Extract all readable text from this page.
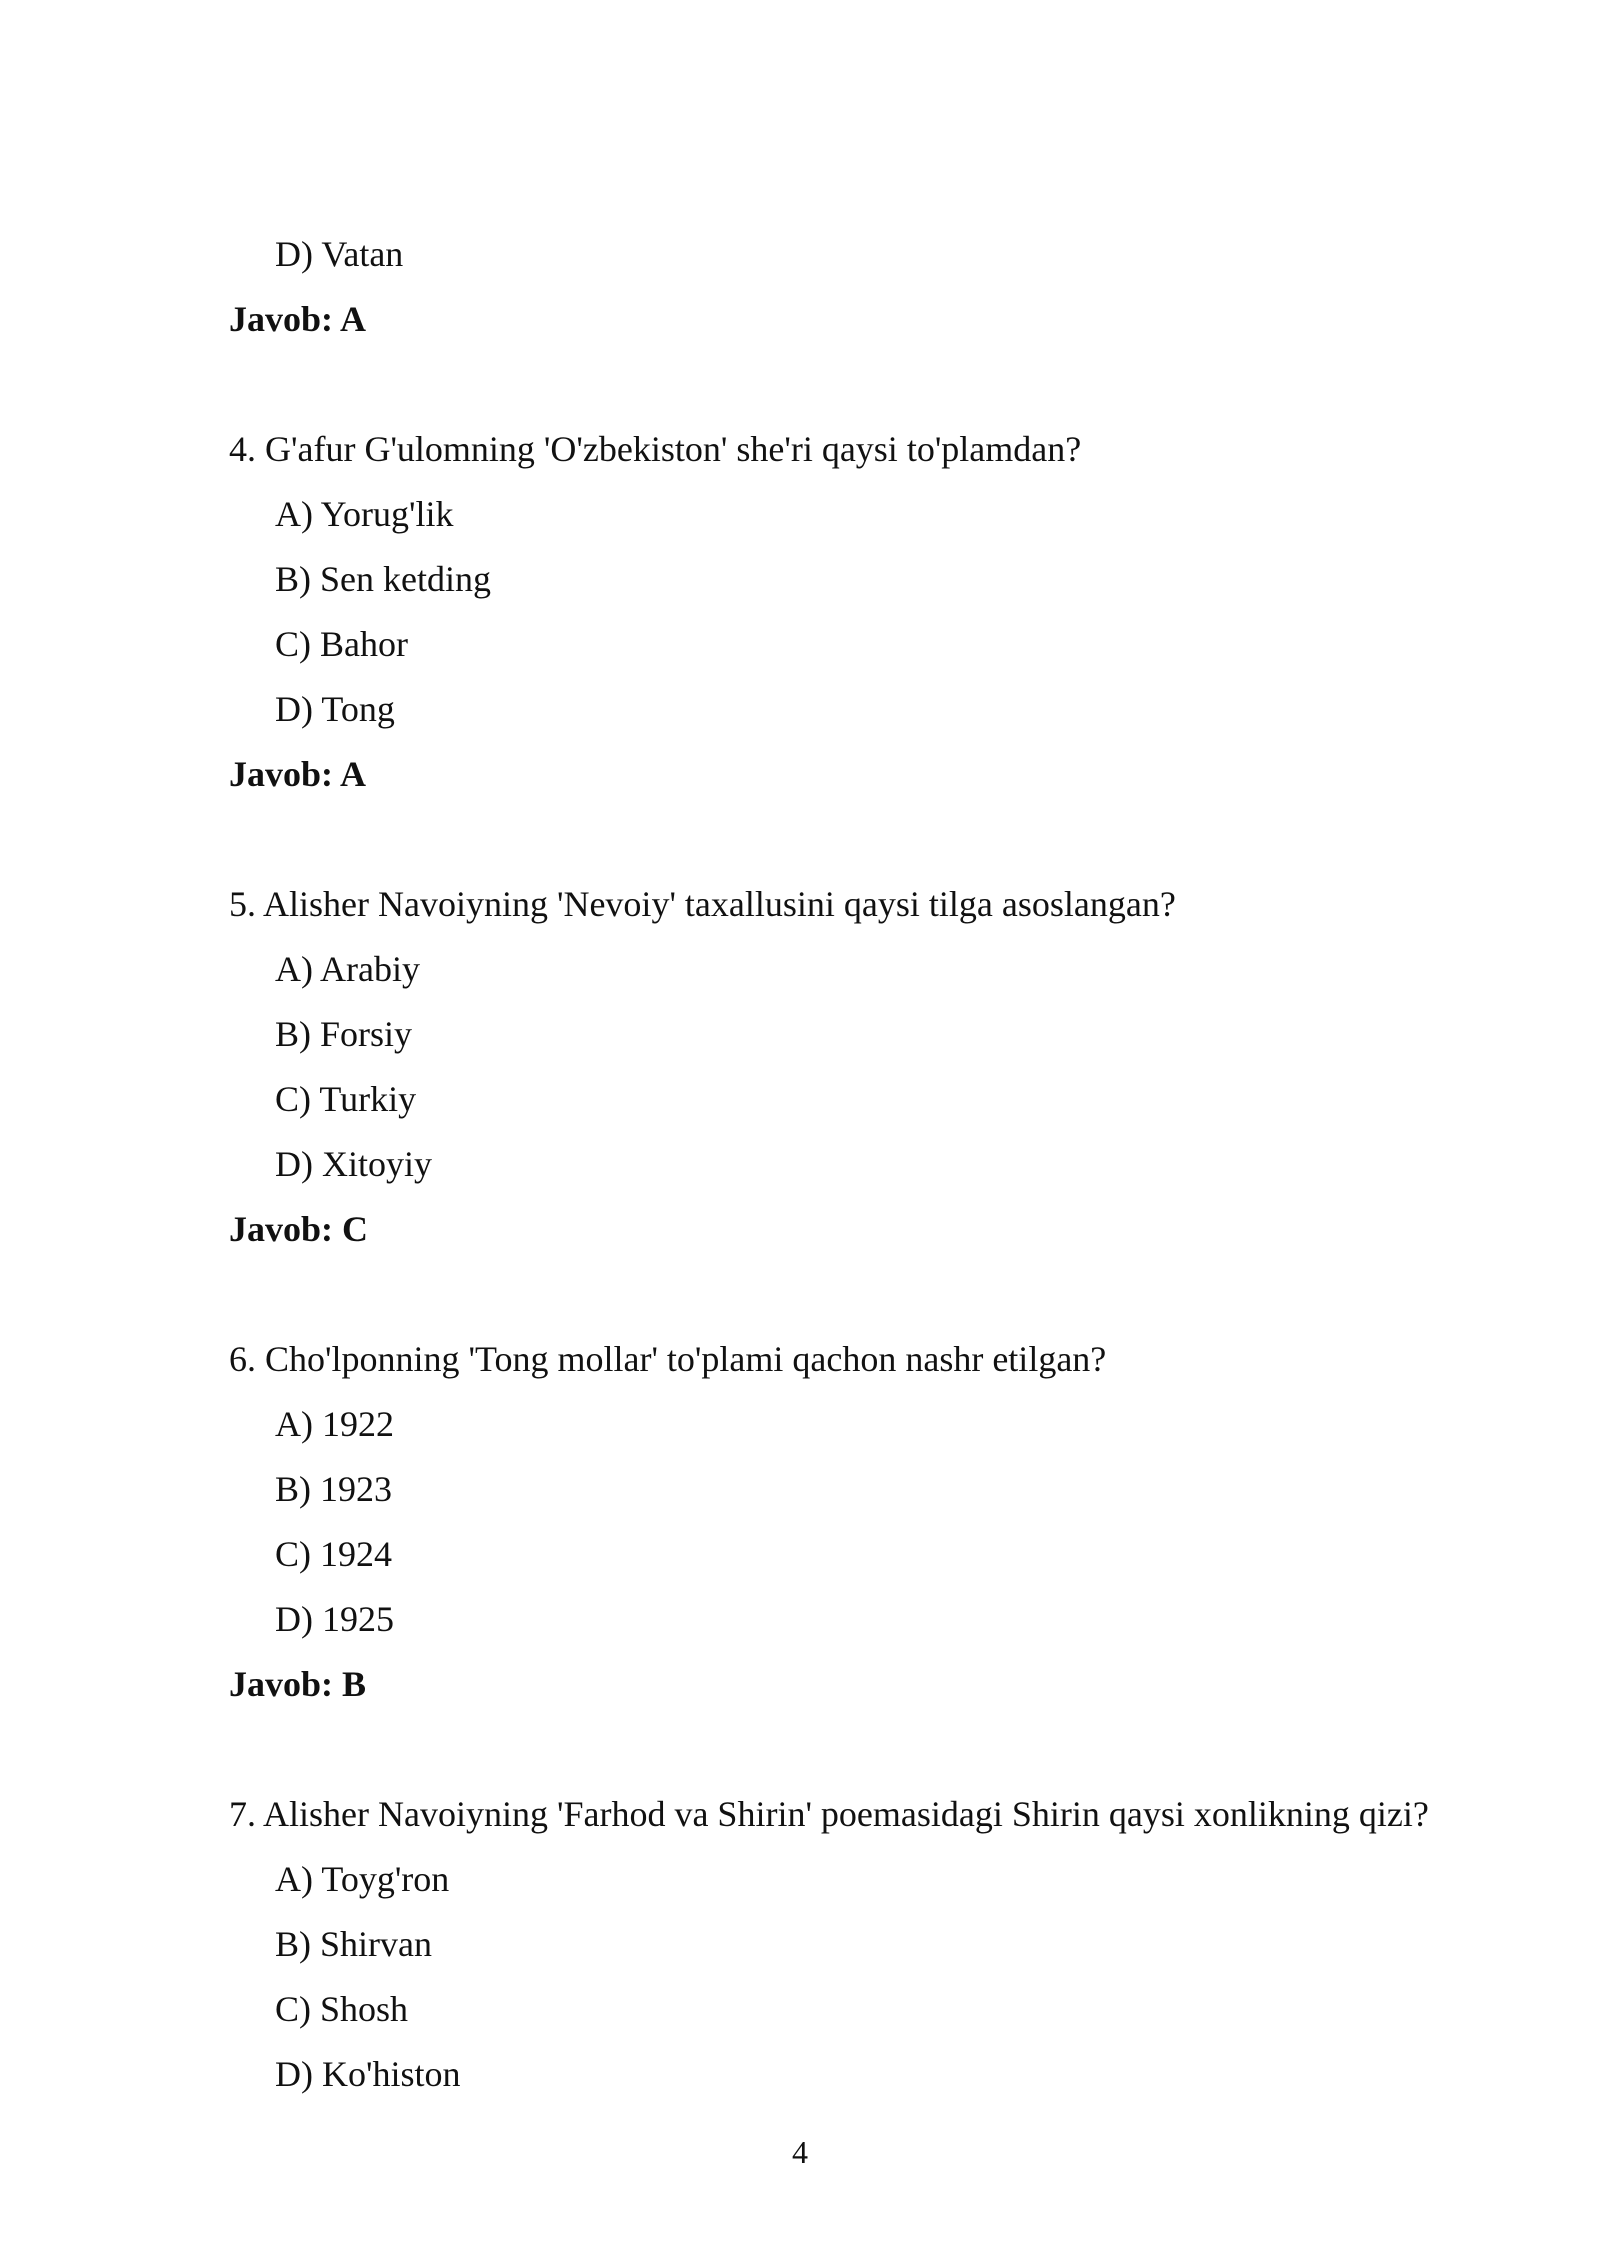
D) Vatan
Javob: A
4. G'afur G'ulomning 'O'zbekiston' she'ri qaysi to'plamdan?
A) Yorug'lik
B) Sen ketding
C) Bahor
D) Tong
Javob: A
5. Alisher Navoiyning 'Nevoiy' taxallusini qaysi tilga asoslangan?
A) Arabiy
B) Forsiy
C) Turkiy
D) Xitoyiy
Javob: C
6. Cho'lponning 'Tong mollar' to'plami qachon nashr etilgan?
A) 1922
B) 1923
C) 1924
D) 1925
Javob: B
7. Alisher Navoiyning 'Farhod va Shirin' poemasidagi Shirin qaysi xonlikning qizi?
A) Toyg'ron
B) Shirvan
C) Shosh
D) Ko'histon
4
